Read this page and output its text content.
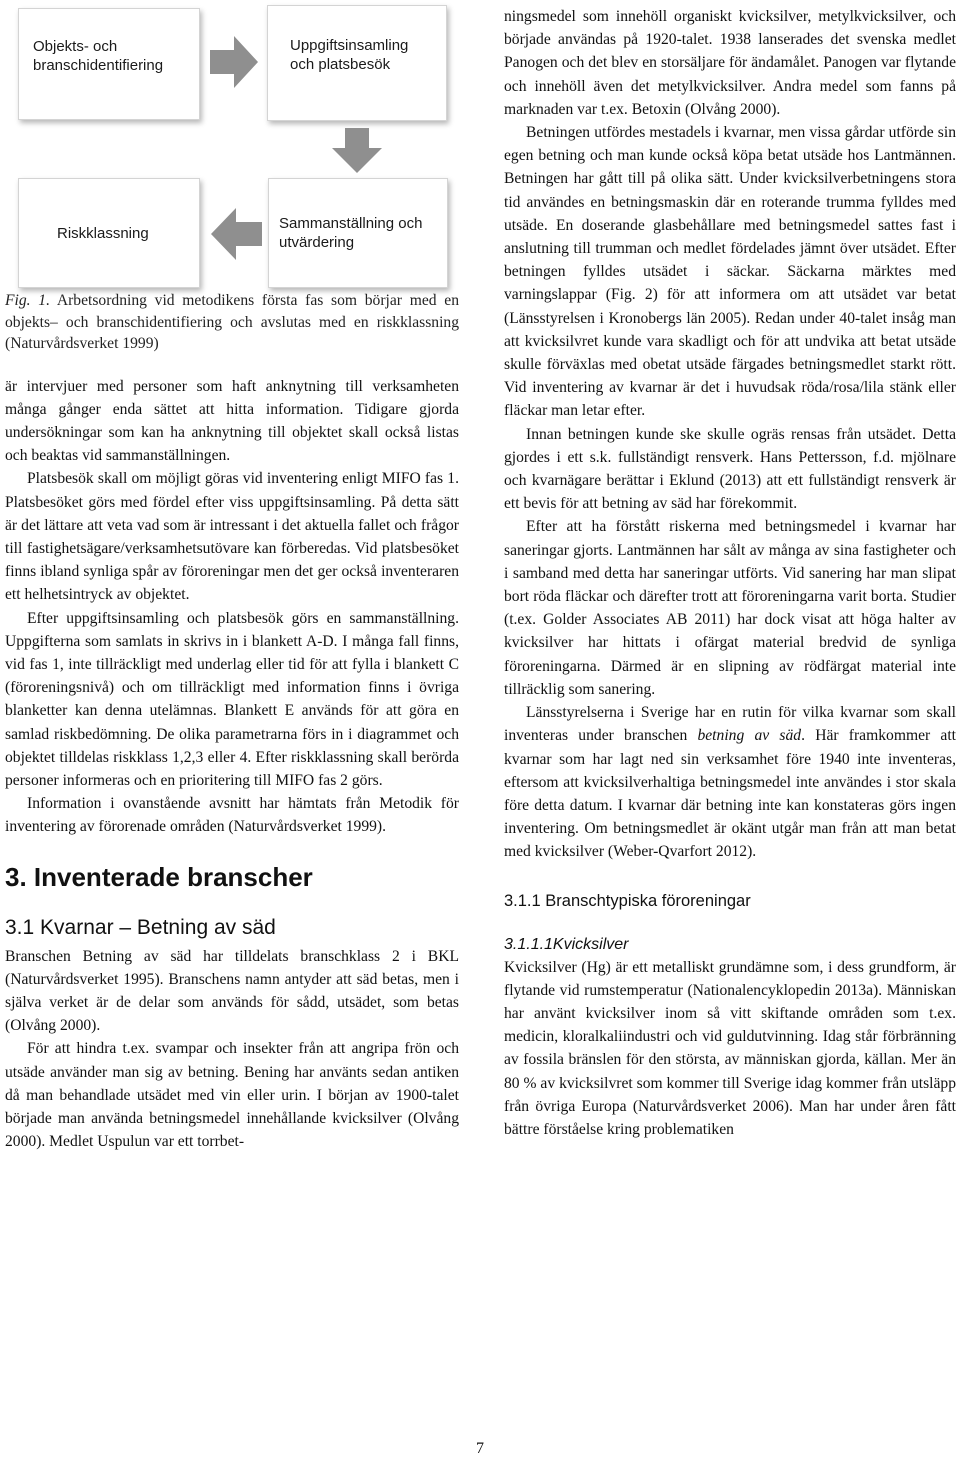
Objekts- och
branschidentifiering
Uppgiftsinsamling
och platsbesök
Riskklassning
Sammanställning och
utvärdering

Fig. 1. Arbetsordning vid metodikens första fas som börjar med en objekts– och branschidentifiering och avslutas med en riskklassning (Naturvårdsverket 1999)

är intervjuer med personer som haft anknytning till verksamheten många gånger enda sättet att hitta information. Tidigare gjorda undersökningar som kan ha anknytning till objektet skall också listas och beaktas vid sammanställningen.

Platsbesök skall om möjligt göras vid inventering enligt MIFO fas 1. Platsbesöket görs med fördel efter viss uppgiftsinsamling. På detta sätt är det lättare att veta vad som är intressant i det aktuella fallet och frågor till fastighetsägare/verksamhetsutövare kan förberedas. Vid platsbesöket finns ibland synliga spår av föroreningar men det ger också inventeraren ett helhetsintryck av objektet.

Efter uppgiftsinsamling och platsbesök görs en sammanställning. Uppgifterna som samlats in skrivs in i blankett A-D. I många fall finns, vid fas 1, inte tillräckligt med underlag eller tid för att fylla i blankett C (föroreningsnivå) och om tillräckligt med information finns i övriga blanketter kan denna utelämnas. Blankett E används för att göra en samlad riskbedömning. De olika parametrarna förs in i diagrammet och objektet tilldelas riskklass 1,2,3 eller 4. Efter riskklassning skall berörda personer informeras och en prioritering till MIFO fas 2 görs.

Information i ovanstående avsnitt har hämtats från Metodik för inventering av förorenade områden (Naturvårdsverket 1999).

3. Inventerade branscher

3.1 Kvarnar – Betning av säd

Branschen Betning av säd har tilldelats branschklass 2 i BKL (Naturvårdsverket 1995). Branschens namn antyder att säd betas, men i själva verket är de delar som används för sådd, utsädet, som betas (Olvång 2000).

För att hindra t.ex. svampar och insekter från att angripa frön och utsäde använder man sig av betning. Bening har använts sedan antiken då man behandlade utsädet med vin eller urin. I början av 1900-talet började man använda betningsmedel innehållande kvicksilver (Olvång 2000). Medlet Uspulun var ett torrbet-

ningsmedel som innehöll organiskt kvicksilver, metylkvicksilver, och började användas på 1920-talet. 1938 lanserades det svenska medlet Panogen och det blev en storsäljare för ändamålet. Panogen var flytande och innehöll även det metylkvicksilver. Andra medel som fanns på marknaden var t.ex. Betoxin (Olvång 2000).

Betningen utfördes mestadels i kvarnar, men vissa gårdar utförde sin egen betning och man kunde också köpa betat utsäde hos Lantmännen. Betningen har gått till på olika sätt. Under kvicksilverbetningens stora tid användes en betningsmaskin där en roterande trumma fylldes med utsäde. En doserande glasbehållare med betningsmedel sattes fast i anslutning till trumman och medlet fördelades jämnt över utsädet. Efter betningen fylldes utsädet i säckar. Säckarna märktes med varningslappar (Fig. 2) för att informera om att utsädet var betat (Länsstyrelsen i Kronobergs län 2005). Redan under 40-talet insåg man att kvicksilvret kunde vara skadligt och för att undvika att betat utsäde skulle förväxlas med obetat utsäde färgades betningsmedlet starkt rött. Vid inventering av kvarnar är det i huvudsak röda/rosa/lila stänk eller fläckar man letar efter.

Innan betningen kunde ske skulle ogräs rensas från utsädet. Detta gjordes i ett s.k. fullständigt rensverk. Hans Pettersson, f.d. mjölnare och kvarnägare berättar i Eklund (2013) att ett fullständigt rensverk är ett bevis för att betning av säd har förekommit.

Efter att ha förstått riskerna med betningsmedel i kvarnar har saneringar gjorts. Lantmännen har sålt av många av sina fastigheter och i samband med detta har saneringar utförts. Vid sanering har man slipat bort röda fläckar och därefter trott att föroreningarna varit borta. Studier (t.ex. Golder Associates AB 2011) har dock visat att höga halter av kvicksilver har hittats i ofärgat material bredvid de synliga föroreningarna. Därmed är en slipning av rödfärgat material inte tillräcklig som sanering.

Länsstyrelserna i Sverige har en rutin för vilka kvarnar som skall inventeras under branschen betning av säd. Här framkommer att kvarnar som har lagt ned sin verksamhet före 1940 inte inventeras, eftersom att kvicksilverhaltiga betningsmedel inte användes i stor skala före detta datum. I kvarnar där betning inte kan konstateras görs ingen inventering. Om betningsmedlet är okänt utgår man från att man betat med kvicksilver (Weber-Qvarfort 2012).

3.1.1 Branschtypiska föroreningar

3.1.1.1Kvicksilver

Kvicksilver (Hg) är ett metalliskt grundämne som, i dess grundform, är flytande vid rumstemperatur (Nationalencyklopedin 2013a). Människan har använt kvicksilver inom så vitt skiftande områden som t.ex. medicin, kloralkaliindustri och vid guldutvinning. Idag står förbränning av fossila bränslen för den största, av människan gjorda, källan. Mer än 80 % av kvicksilvret som kommer till Sverige idag kommer från utsläpp från övriga Europa (Naturvårdsverket 2006). Man har under åren fått bättre förståelse kring problematiken

7
